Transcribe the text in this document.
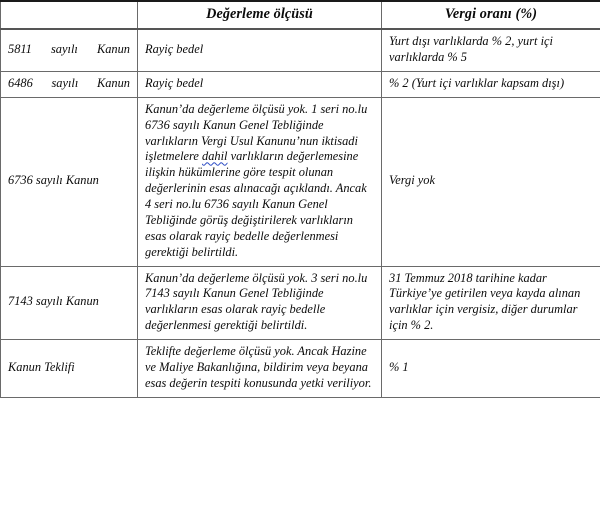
	Değerleme ölçüsü	Vergi oranı (%)
5811 sayılı Kanun	Rayiç bedel	Yurt dışı varlıklarda % 2, yurt içi varlıklarda % 5
6486 sayılı Kanun	Rayiç bedel	% 2 (Yurt içi varlıklar kapsam dışı)
6736 sayılı Kanun	Kanun’da değerleme ölçüsü yok. 1 seri no.lu 6736 sayılı Kanun Genel Tebliğinde varlıkların Vergi Usul Kanunu’nun iktisadi işletmelere dahil varlıkların değerlemesine ilişkin hükümlerine göre tespit olunan değerlerinin esas alınacağı açıklandı. Ancak 4 seri no.lu 6736 sayılı Kanun Genel Tebliğinde görüş değiştirilerek varlıkların esas olarak rayiç bedelle değerlenmesi gerektiği belirtildi.	Vergi yok
7143 sayılı Kanun	Kanun’da değerleme ölçüsü yok. 3 seri no.lu 7143 sayılı Kanun Genel Tebliğinde varlıkların esas olarak rayiç bedelle değerlenmesi gerektiği belirtildi.	31 Temmuz 2018 tarihine kadar Türkiye’ye getirilen veya kayda alınan varlıklar için vergisiz, diğer durumlar için % 2.
Kanun Teklifi	Teklifte değerleme ölçüsü yok. Ancak Hazine ve Maliye Bakanlığına, bildirim veya beyana esas değerin tespiti konusunda yetki veriliyor.	% 1
